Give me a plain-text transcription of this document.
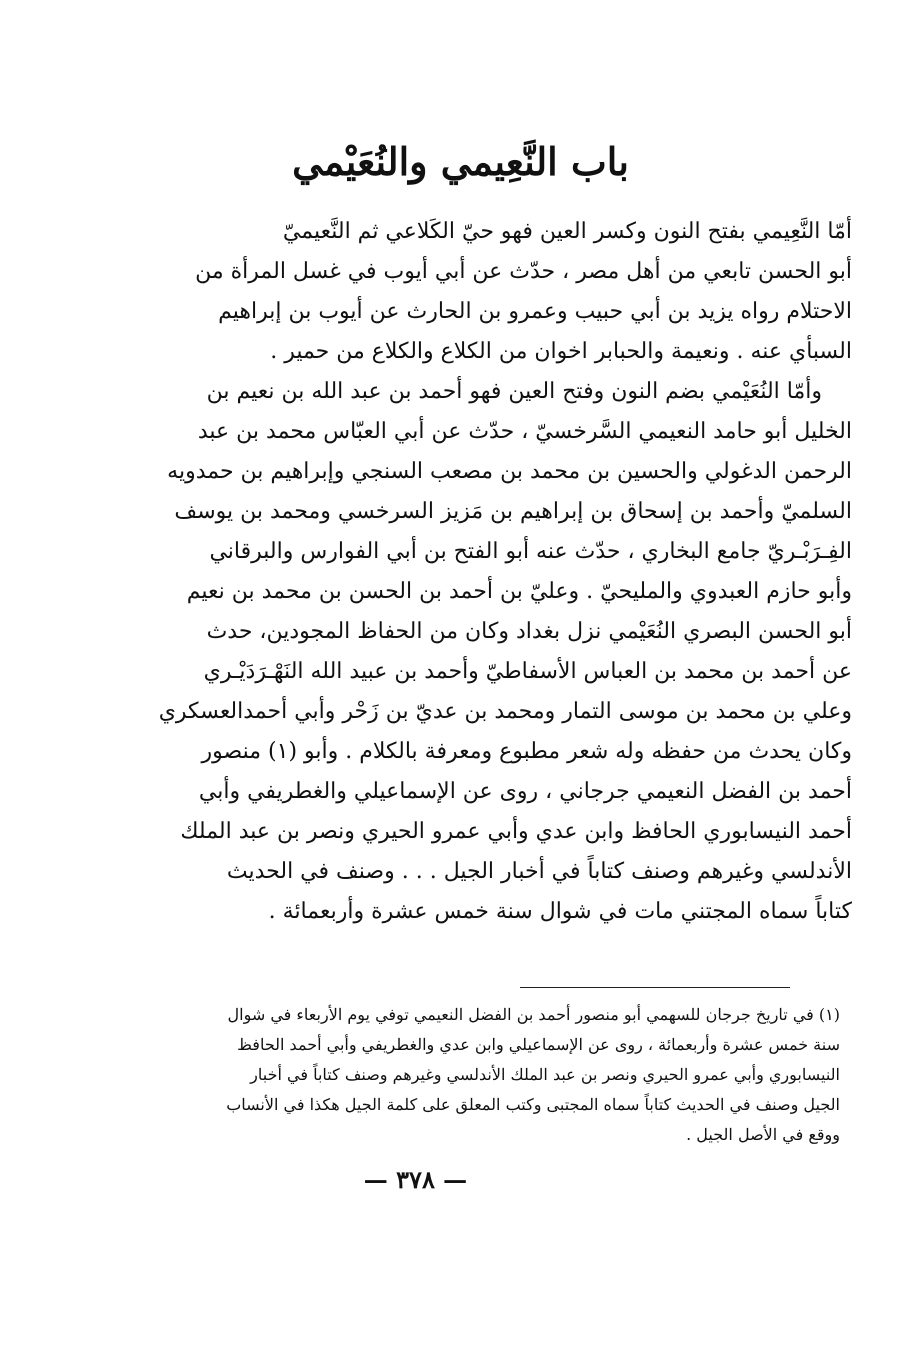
باب النَّعِيمي والنُعَيْمي
أمّا النَّعِيمي بفتح النون وكسر العين فهو حيّ الكَلاعي ثم النَّعيميّ
أبو الحسن تابعي من أهل مصر ، حدّث عن أبي أيوب في غسل المرأة من
الاحتلام رواه يزيد بن أبي حبيب وعمرو بن الحارث عن أيوب بن إبراهيم
السبأي عنه . ونعيمة والحبابر اخوان من الكلاع والكلاع من حمير .
وأمّا النُعَيْمي بضم النون وفتح العين فهو أحمد بن عبد الله بن نعيم بن
الخليل أبو حامد النعيمي السَّرخسيّ ، حدّث عن أبي العبّاس محمد بن عبد
الرحمن الدغولي والحسين بن محمد بن مصعب السنجي وإبراهيم بن حمدويه
السلميّ وأحمد بن إسحاق بن إبراهيم بن مَزيز السرخسي ومحمد بن يوسف
الفِـرَبْـريّ جامع البخاري ، حدّث عنه أبو الفتح بن أبي الفوارس والبرقاني
وأبو حازم العبدوي والمليحيّ . وعليّ بن أحمد بن الحسن بن محمد بن نعيم
أبو الحسن البصري النُعَيْمي نزل بغداد وكان من الحفاظ المجودين، حدث
عن أحمد بن محمد بن العباس الأسفاطيّ وأحمد بن عبيد الله النَهْـرَدَيْـري
وعلي بن محمد بن موسى التمار ومحمد بن عديّ بن زَحْر وأبي أحمدالعسكري
وكان يحدث من حفظه وله شعر مطبوع ومعرفة بالكلام . وأبو (١) منصور
أحمد بن الفضل النعيمي جرجاني ، روى عن الإسماعيلي والغطريفي وأبي
أحمد النيسابوري الحافظ وابن عدي وأبي عمرو الحيري ونصر بن عبد الملك
الأندلسي وغيرهم وصنف كتاباً في أخبار الجيل . . . وصنف في الحديث
كتاباً سماه المجتني مات في شوال سنة خمس عشرة وأربعمائة .
(١) في تاريخ جرجان للسهمي أبو منصور أحمد بن الفضل النعيمي توفي يوم الأربعاء في شوال
سنة خمس عشرة وأربعمائة ، روى عن الإسماعيلي وابن عدي والغطريفي وأبي أحمد الحافظ
النيسابوري وأبي عمرو الحيري ونصر بن عبد الملك الأندلسي وغيرهم وصنف كتاباً في أخبار
الجيل وصنف في الحديث كتاباً سماه المجتبى وكتب المعلق على كلمة الجيل هكذا في الأنساب
ووقع في الأصل الجيل .
— ٣٧٨ —
